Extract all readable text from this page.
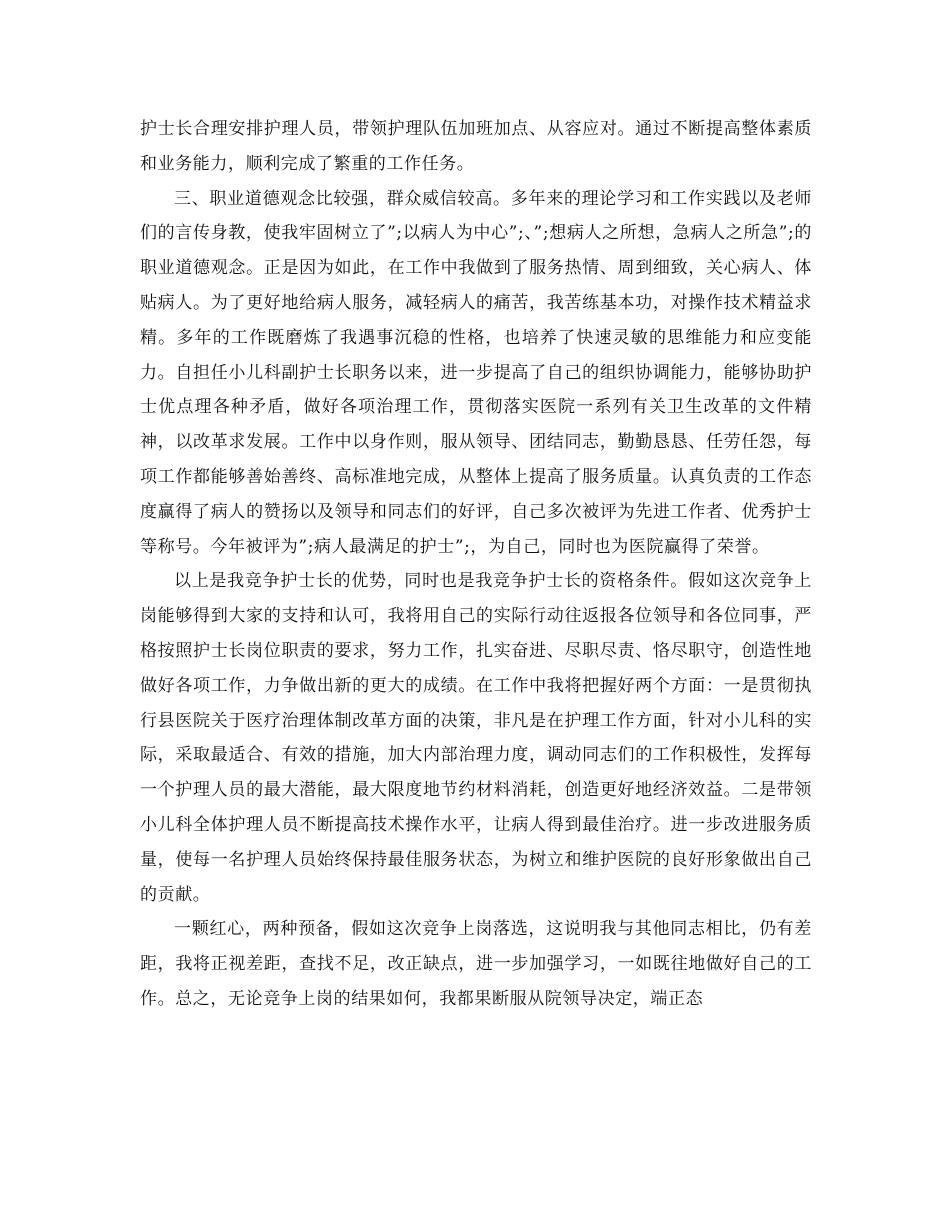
护士长合理安排护理人员，带领护理队伍加班加点、从容应对。通过不断提高整体素质和业务能力，顺利完成了繁重的工作任务。

三、职业道德观念比较强，群众威信较高。多年来的理论学习和工作实践以及老师们的言传身教，使我牢固树立了”;以病人为中心”;、”;想病人之所想，急病人之所急”;的职业道德观念。正是因为如此，在工作中我做到了服务热情、周到细致，关心病人、体贴病人。为了更好地给病人服务，减轻病人的痛苦，我苦练基本功，对操作技术精益求精。多年的工作既磨炼了我遇事沉稳的性格，也培养了快速灵敏的思维能力和应变能力。自担任小儿科副护士长职务以来，进一步提高了自己的组织协调能力，能够协助护士优点理各种矛盾，做好各项治理工作，贯彻落实医院一系列有关卫生改革的文件精神，以改革求发展。工作中以身作则，服从领导、团结同志，勤勤恳恳、任劳任怨，每项工作都能够善始善终、高标准地完成，从整体上提高了服务质量。认真负责的工作态度赢得了病人的赞扬以及领导和同志们的好评，自己多次被评为先进工作者、优秀护士等称号。今年被评为”;病人最满足的护士”;，为自己，同时也为医院赢得了荣誉。

以上是我竞争护士长的优势，同时也是我竞争护士长的资格条件。假如这次竞争上岗能够得到大家的支持和认可，我将用自己的实际行动往返报各位领导和各位同事，严格按照护士长岗位职责的要求，努力工作，扎实奋进、尽职尽责、恪尽职守，创造性地做好各项工作，力争做出新的更大的成绩。在工作中我将把握好两个方面：一是贯彻执行县医院关于医疗治理体制改革方面的决策，非凡是在护理工作方面，针对小儿科的实际，采取最适合、有效的措施，加大内部治理力度，调动同志们的工作积极性，发挥每一个护理人员的最大潜能，最大限度地节约材料消耗，创造更好地经济效益。二是带领小儿科全体护理人员不断提高技术操作水平，让病人得到最佳治疗。进一步改进服务质量，使每一名护理人员始终保持最佳服务状态，为树立和维护医院的良好形象做出自己的贡献。

一颗红心，两种预备，假如这次竞争上岗落选，这说明我与其他同志相比，仍有差距，我将正视差距，查找不足，改正缺点，进一步加强学习，一如既往地做好自己的工作。总之，无论竞争上岗的结果如何，我都果断服从院领导决定，端正态
